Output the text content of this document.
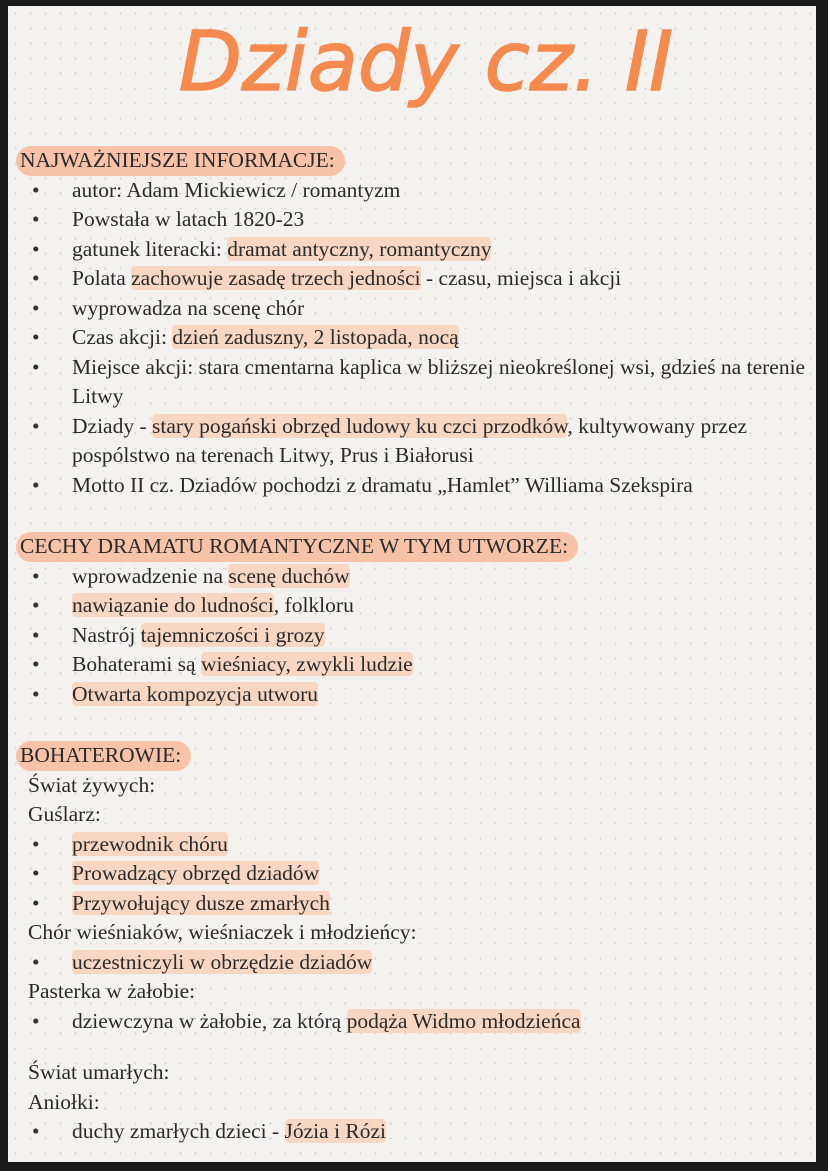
Dziady cz. II
NAJWAŻNIEJSZE INFORMACJE:
• autor: Adam Mickiewicz / romantyzm
• Powstała w latach 1820-23
• gatunek literacki: dramat antyczny, romantyczny
• Polata zachowuje zasadę trzech jedności - czasu, miejsca i akcji
• wyprowadza na scenę chór
• Czas akcji: dzień zaduszny, 2 listopada, nocą
• Miejsce akcji: stara cmentarna kaplica w bliższej nieokreślonej wsi, gdzieś na terenie Litwy
• Dziady - stary pogański obrzęd ludowy ku czci przodków, kultywowany przez pospólstwo na terenach Litwy, Prus i Białorusi
• Motto II cz. Dziadów pochodzi z dramatu „Hamlet” Williama Szekspira
CECHY DRAMATU ROMANTYCZNE W TYM UTWORZE:
• wprowadzenie na scenę duchów
• nawiązanie do ludności, folkloru
• Nastrój tajemniczości i grozy
• Bohaterami są wieśniacy, zwykli ludzie
• Otwarta kompozycja utworu
BOHATEROWIE:
Świat żywych:
Guślarz:
• przewodnik chóru
• Prowadzący obrzęd dziadów
• Przywołujący dusze zmarłych
Chór wieśniaków, wieśniaczek i młodzieńcy:
• uczestniczyli w obrzędzie dziadów
Pasterka w żałobie:
• dziewczyna w żałobie, za którą podąża Widmo młodzieńca
Świat umarłych:
Aniołki:
• duchy zmarłych dzieci - Józia i Rózi
